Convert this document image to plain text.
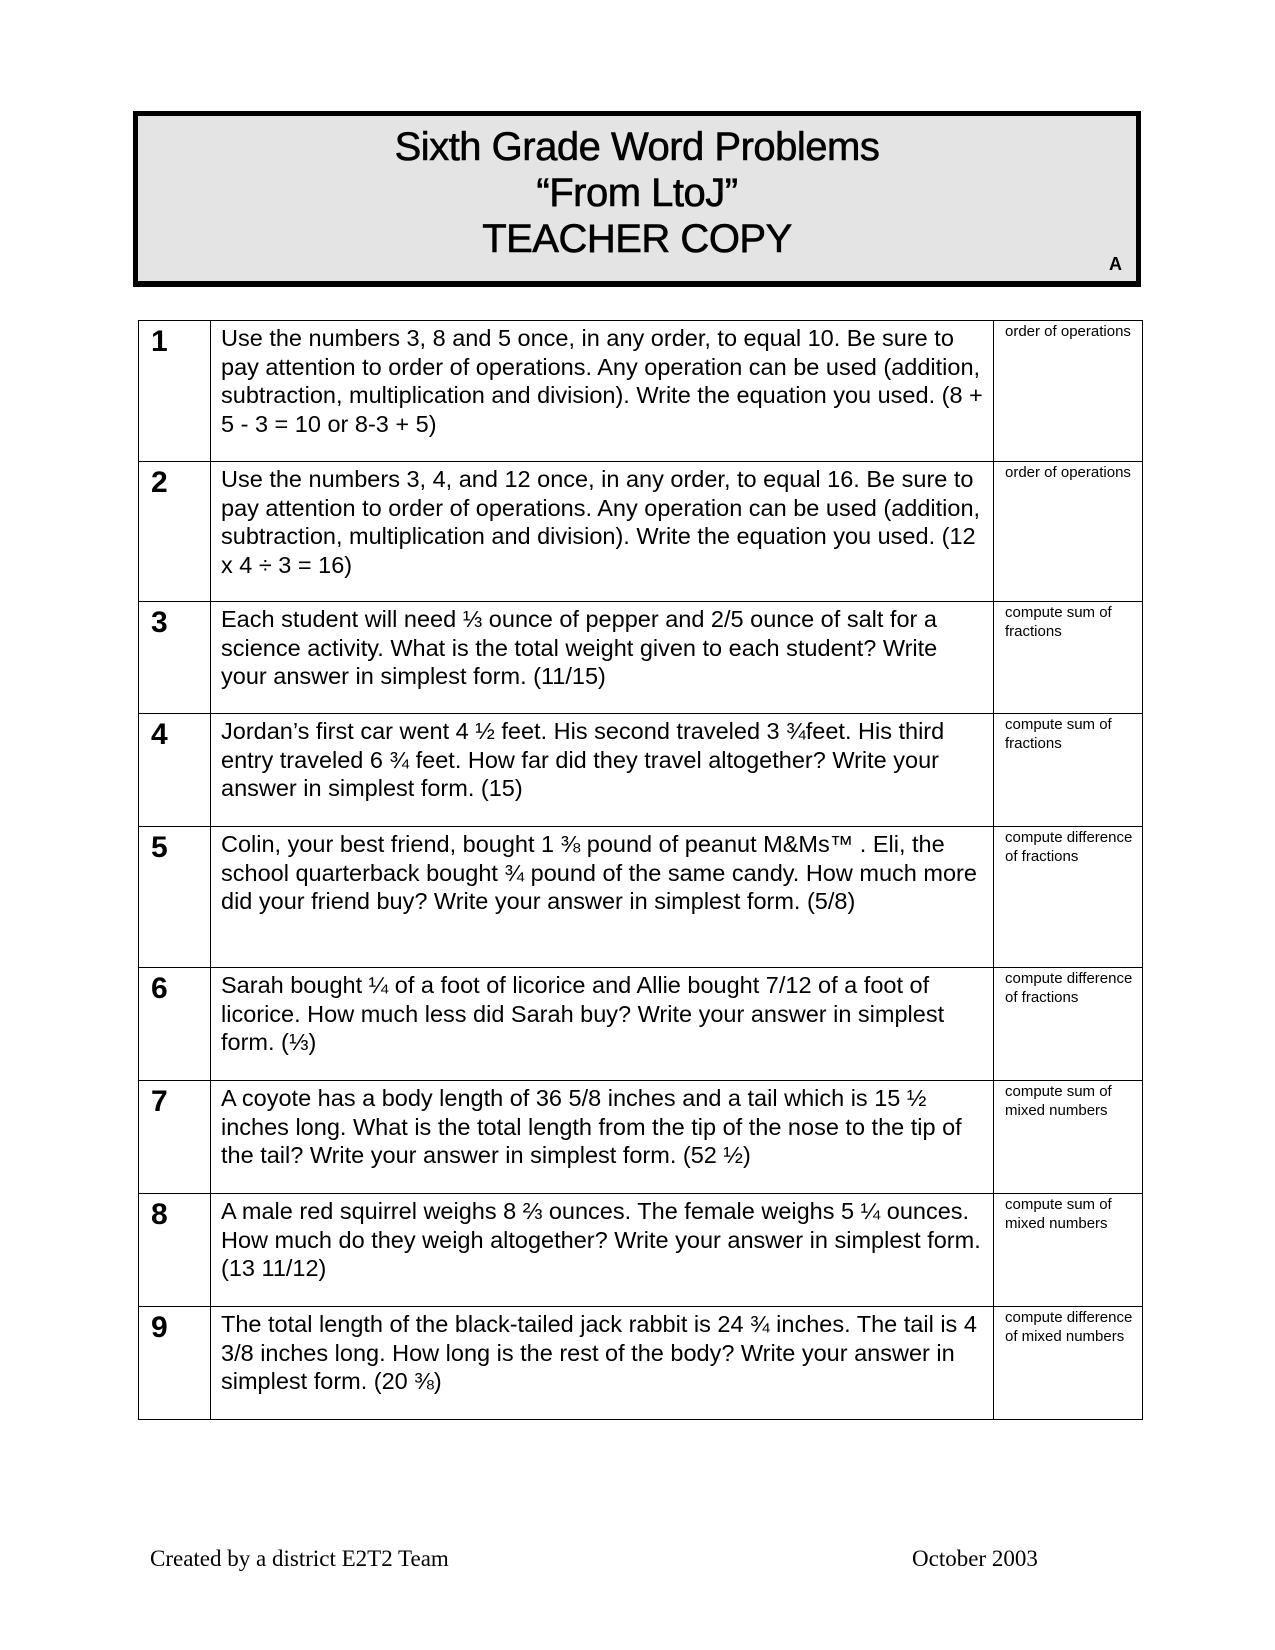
Sixth Grade Word Problems
“From LtoJ”
TEACHER COPY
A
1	Use the numbers 3, 8 and 5 once, in any order, to equal 10. Be sure to pay attention to order of operations. Any operation can be used (addition, subtraction, multiplication and division). Write the equation you used. (8 + 5 - 3 = 10 or 8-3 + 5)	order of operations
2	Use the numbers 3, 4, and 12 once, in any order, to equal 16. Be sure to pay attention to order of operations. Any operation can be used (addition, subtraction, multiplication and division). Write the equation you used. (12 x 4 ÷ 3 = 16)	order of operations
3	Each student will need ⅓ ounce of pepper and 2/5 ounce of salt for a science activity. What is the total weight given to each student? Write your answer in simplest form. (11/15)	compute sum of fractions
4	Jordan’s first car went 4 ½ feet. His second traveled 3 ¾feet. His third entry traveled 6 ¾ feet. How far did they travel altogether? Write your answer in simplest form. (15)	compute sum of fractions
5	Colin, your best friend, bought 1 ⅜ pound of peanut M&Ms™ . Eli, the school quarterback bought ¾ pound of the same candy. How much more did your friend buy? Write your answer in simplest form. (5/8)	compute difference of fractions
6	Sarah bought ¼ of a foot of licorice and Allie bought 7/12 of a foot of licorice. How much less did Sarah buy? Write your answer in simplest form. (⅓)	compute difference of fractions
7	A coyote has a body length of 36 5/8 inches and a tail which is 15 ½ inches long. What is the total length from the tip of the nose to the tip of the tail? Write your answer in simplest form. (52 ½)	compute sum of mixed numbers
8	A male red squirrel weighs 8 ⅔ ounces. The female weighs 5 ¼ ounces. How much do they weigh altogether? Write your answer in simplest form. (13 11/12)	compute sum of mixed numbers
9	The total length of the black-tailed jack rabbit is 24 ¾ inches. The tail is 4 3/8 inches long. How long is the rest of the body? Write your answer in simplest form. (20 ⅜)	compute difference of mixed numbers
Created by a district E2T2 Team	October 2003
